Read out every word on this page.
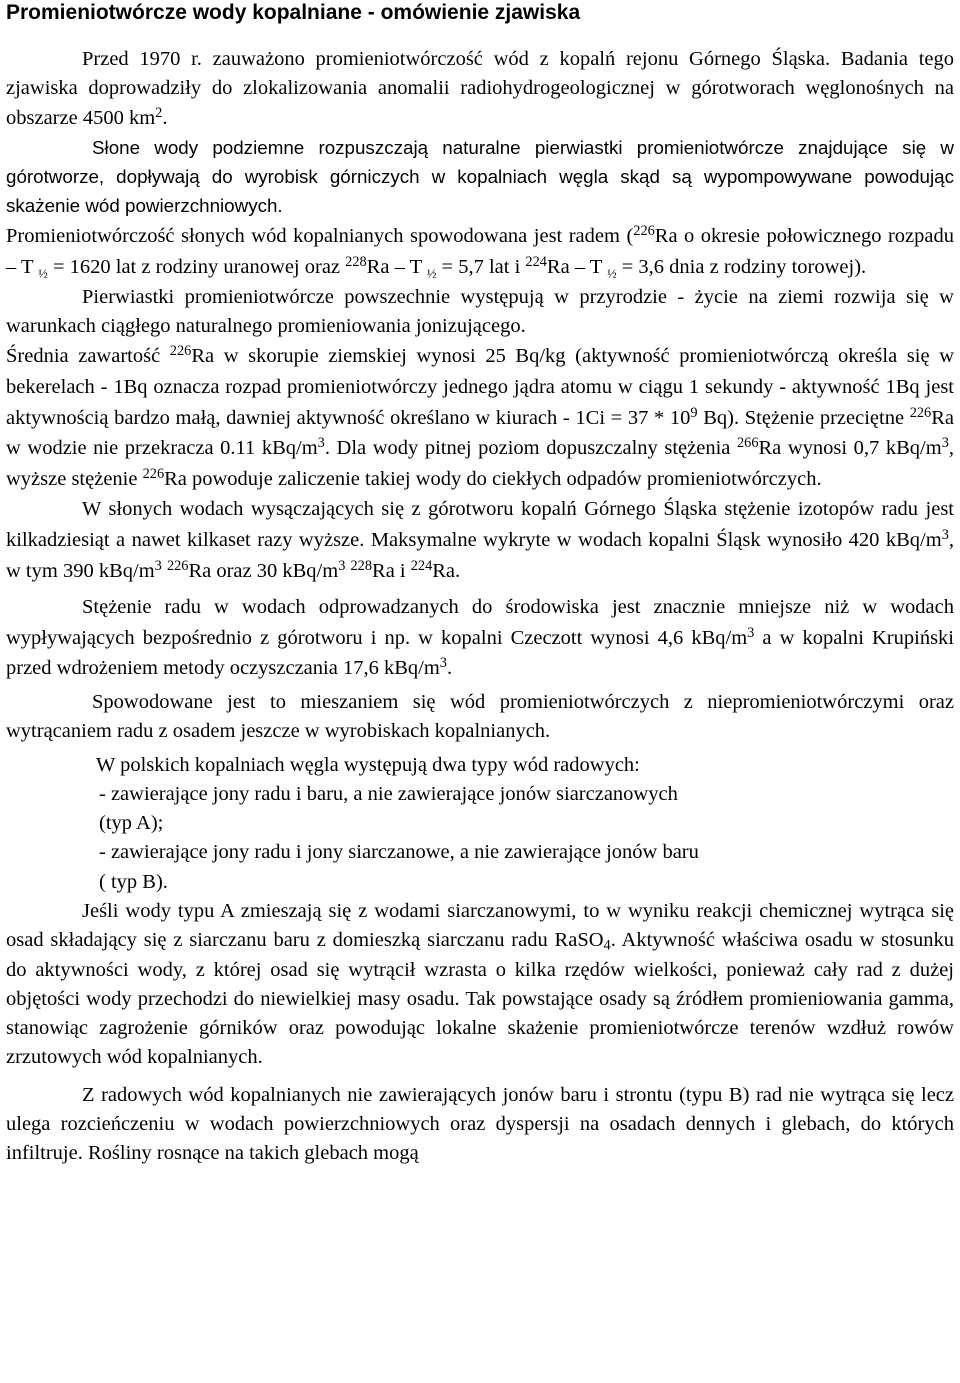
Promieniotwórcze wody kopalniane - omówienie zjawiska

Przed 1970 r. zauważono promieniotwórczość wód z kopalń rejonu Górnego Śląska. Badania tego zjawiska doprowadziły do zlokalizowania anomalii radiohydrogeologicznej w górotworach węglonośnych na obszarze 4500 $km^2$.

Słone wody podziemne rozpuszczają naturalne pierwiastki promieniotwórcze znajdujące się w górotworze, dopływają do wyrobisk górniczych w kopalniach węgla skąd są wypompowywane powodując skażenie wód powierzchniowych.

Promieniotwórczość słonych wód kopalnianych spowodowana jest radem ($^{226}$Ra o okresie połowicznego rozpadu – T $_{\frac{1}{2}}$ = 1620 lat z rodziny uranowej oraz $^{228}$Ra – T $_{\frac{1}{2}}$ = 5,7 lat i $^{224}$Ra – T $_{\frac{1}{2}}$ = 3,6 dnia z rodziny torowej).

Pierwiastki promieniotwórcze powszechnie występują w przyrodzie - życie na ziemi rozwija się w warunkach ciągłego naturalnego promieniowania jonizującego.

Średnia zawartość $^{226}$Ra w skorupie ziemskiej wynosi 25 Bq/kg (aktywność promieniotwórczą określa się w bekerelach - 1Bq oznacza rozpad promieniotwórczy jednego jądra atomu w ciągu 1 sekundy - aktywność 1Bq jest aktywnością bardzo małą, dawniej aktywność określano w kiurach - $1Ci = 37 * 10^9$ Bq). Stężenie przeciętne $^{226}$Ra w wodzie nie przekracza 0.11 kBq/$m^3$. Dla wody pitnej poziom dopuszczalny stężenia $^{266}$Ra wynosi 0,7 kBq/$m^3$, wyższe stężenie $^{226}$Ra powoduje zaliczenie takiej wody do ciekłych odpadów promieniotwórczych.

W słonych wodach wysączających się z górotworu kopalń Górnego Śląska stężenie izotopów radu jest kilkadziesiąt a nawet kilkaset razy wyższe. Maksymalne wykryte w wodach kopalni Śląsk wynosiło 420 kBq/$m^3$, w tym 390 kBq/$m^3$ $^{226}$Ra oraz 30 kBq/$m^3$ $^{228}$Ra i $^{224}$Ra.

Stężenie radu w wodach odprowadzanych do środowiska jest znacznie mniejsze niż w wodach wypływających bezpośrednio z górotworu i np. w kopalni Czeczott wynosi 4,6 kBq/$m^3$ a w kopalni Krupiński przed wdrożeniem metody oczyszczania 17,6 kBq/$m^3$.

Spowodowane jest to mieszaniem się wód promieniotwórczych z niepromieniotwórczymi oraz wytrącaniem radu z osadem jeszcze w wyrobiskach kopalnianych.

W polskich kopalniach węgla występują dwa typy wód radowych:

- zawierające jony radu i baru, a nie zawierające jonów siarczanowych

(typ A);

- zawierające jony radu i jony siarczanowe, a nie zawierające jonów baru

( typ B).

Jeśli wody typu A zmieszają się z wodami siarczanowymi, to w wyniku reakcji chemicznej wytrąca się osad składający się z siarczanu baru z domieszką siarczanu radu RaSO$_4$. Aktywność właściwa osadu w stosunku do aktywności wody, z której osad się wytrącił wzrasta o kilka rzędów wielkości, ponieważ cały rad z dużej objętości wody przechodzi do niewielkiej masy osadu. Tak powstające osady są źródłem promieniowania gamma, stanowiąc zagrożenie górników oraz powodując lokalne skażenie promieniotwórcze terenów wzdłuż rowów zrzutowych wód kopalnianych.

Z radowych wód kopalnianych nie zawierających jonów baru i strontu (typu B) rad nie wytrąca się lecz ulega rozcieńczeniu w wodach powierzchniowych oraz dyspersji na osadach dennych i glebach, do których infiltruje. Rośliny rosnące na takich glebach mogą
